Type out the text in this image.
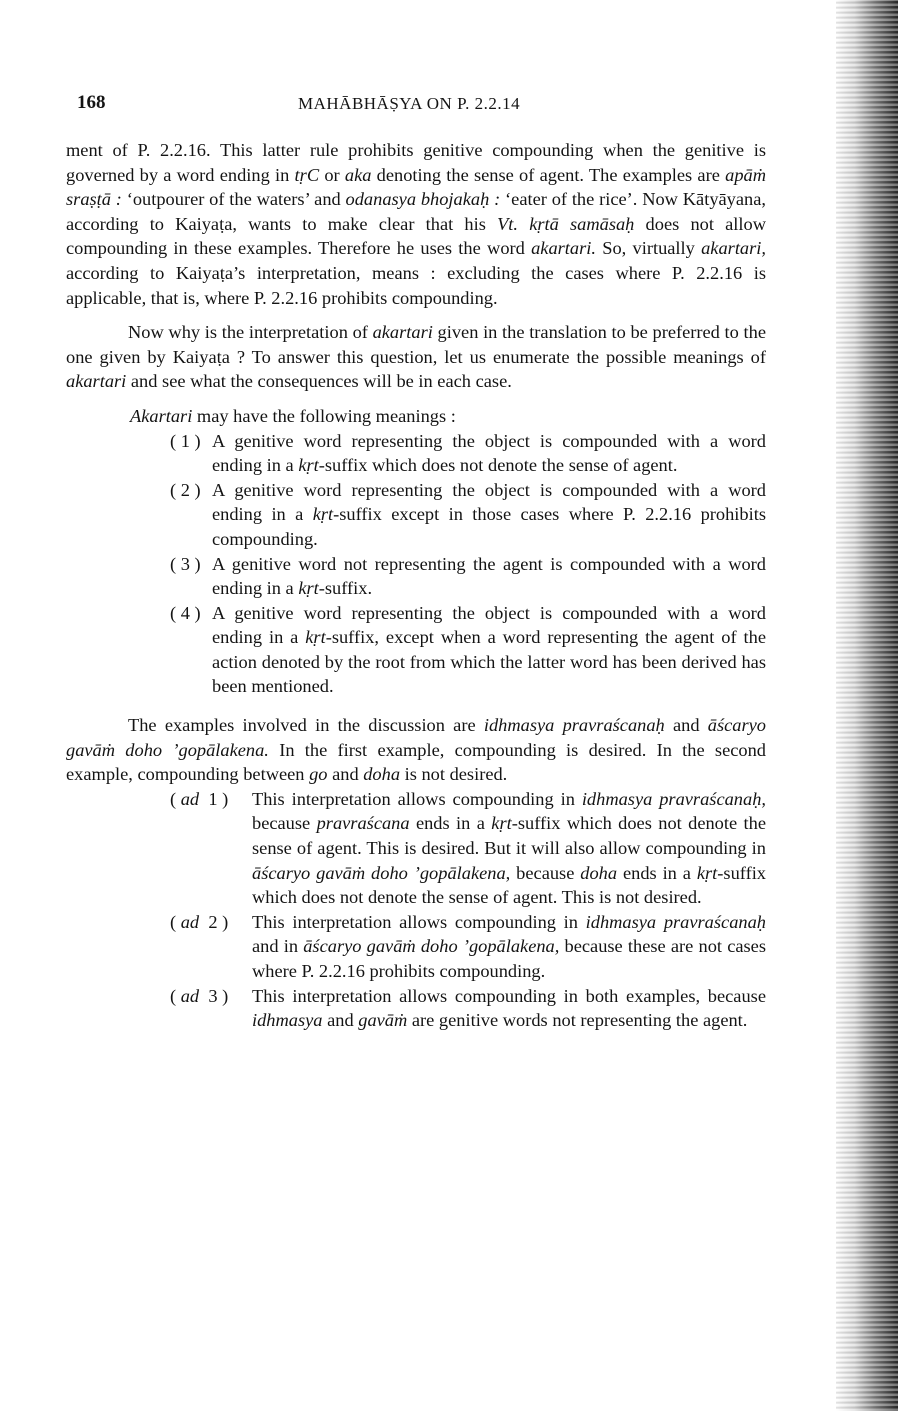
168	MAHĀBHĀṢYA ON P. 2.2.14

ment of P. 2.2.16. This latter rule prohibits genitive compounding when the genitive is governed by a word ending in tṛC or aka denoting the sense of agent. The examples are apāṁ sraṣṭā : ‘outpourer of the waters’ and odanasya bhojakaḥ : ‘eater of the rice’. Now Kātyāyana, according to Kaiyaṭa, wants to make clear that his Vt. kṛtā samāsaḥ does not allow compounding in these examples. Therefore he uses the word akartari. So, virtually akartari, according to Kaiyaṭa’s interpretation, means : excluding the cases where P. 2.2.16 is applicable, that is, where P. 2.2.16 prohibits compounding.

Now why is the interpretation of akartari given in the translation to be preferred to the one given by Kaiyaṭa ? To answer this question, let us enumerate the possible meanings of akartari and see what the consequences will be in each case.

Akartari may have the following meanings :

( 1 ) A genitive word representing the object is compounded with a word ending in a kṛt-suffix which does not denote the sense of agent.

( 2 ) A genitive word representing the object is compounded with a word ending in a kṛt-suffix except in those cases where P. 2.2.16 prohibits compounding.

( 3 ) A genitive word not representing the agent is compounded with a word ending in a kṛt-suffix.

( 4 ) A genitive word representing the object is compounded with a word ending in a kṛt-suffix, except when a word representing the agent of the action denoted by the root from which the latter word has been derived has been mentioned.

The examples involved in the discussion are idhmasya pravraścanaḥ and āścaryo gavāṁ doho ’gopālakena. In the first example, compounding is desired. In the second example, compounding between go and doha is not desired.

( ad 1 ) This interpretation allows compounding in idhmasya pravraścanaḥ, because pravraścana ends in a kṛt-suffix which does not denote the sense of agent. This is desired. But it will also allow compounding in āścaryo gavāṁ doho ’gopālakena, because doha ends in a kṛt-suffix which does not denote the sense of agent. This is not desired.

( ad 2 ) This interpretation allows compounding in idhmasya pravraścanaḥ and in āścaryo gavāṁ doho ’gopālakena, because these are not cases where P. 2.2.16 prohibits compounding.

( ad 3 ) This interpretation allows compounding in both examples, because idhmasya and gavāṁ are genitive words not representing the agent.
